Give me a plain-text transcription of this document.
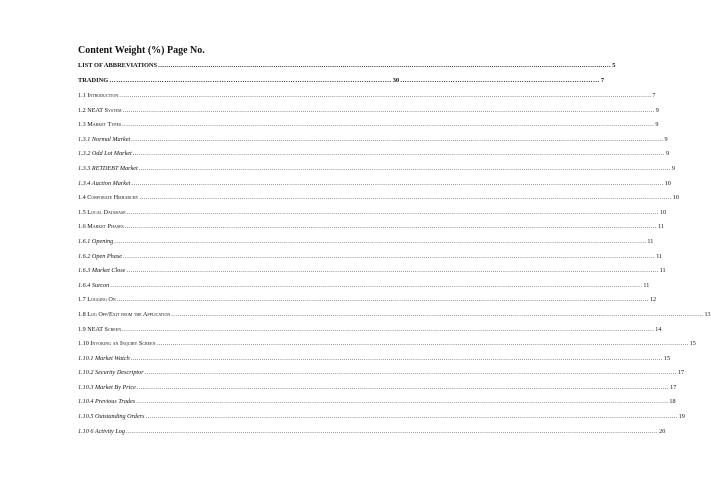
Content Weight (%) Page No.
LIST OF ABBREVIATIONS ........................................................................................................................................................................................................................ 5
TRADING …………………………………………………………………………………………………………… 30 …………………………………………………………………………… 7
1.1 Introduction .................................................................................................................................................................................................................................................................... 7
1.2 NEAT System .................................................................................................................................................................................................................................................................... 9
1.3 Market Types .................................................................................................................................................................................................................................................................... 9
1.3.1 Normal Market .................................................................................................................................................................................................................................................................... 9
1.3.2 Odd Lot Market .................................................................................................................................................................................................................................................................... 9
1.3.3 RETDEBT Market .................................................................................................................................................................................................................................................................... 9
1.3.4 Auction Market .................................................................................................................................................................................................................................................................... 10
1.4 Corporate Hierarchy .................................................................................................................................................................................................................................................................... 10
1.5 Local Database .................................................................................................................................................................................................................................................................... 10
1.6 Market Phases .................................................................................................................................................................................................................................................................... 11
1.6.1 Opening .................................................................................................................................................................................................................................................................... 11
1.6.2 Open Phase .................................................................................................................................................................................................................................................................... 11
1.6.3 Market Close .................................................................................................................................................................................................................................................................... 11
1.6.4 Surcon .................................................................................................................................................................................................................................................................... 11
1.7 Logging On .................................................................................................................................................................................................................................................................... 12
1.8 Log Off/Exit from the Application .................................................................................................................................................................................................................................................................... 13
1.9 NEAT Screen .................................................................................................................................................................................................................................................................... 14
1.10 Invoking an Inquiry Screen .................................................................................................................................................................................................................................................................... 15
1.10.1 Market Watch .................................................................................................................................................................................................................................................................... 15
1.10.2 Security Descriptor .................................................................................................................................................................................................................................................................... 17
1.10.3 Market By Price .................................................................................................................................................................................................................................................................... 17
1.10.4 Previous Trades .................................................................................................................................................................................................................................................................... 18
1.10.5 Outstanding Orders .................................................................................................................................................................................................................................................................... 19
1.10 6 Activity Log .................................................................................................................................................................................................................................................................... 20
